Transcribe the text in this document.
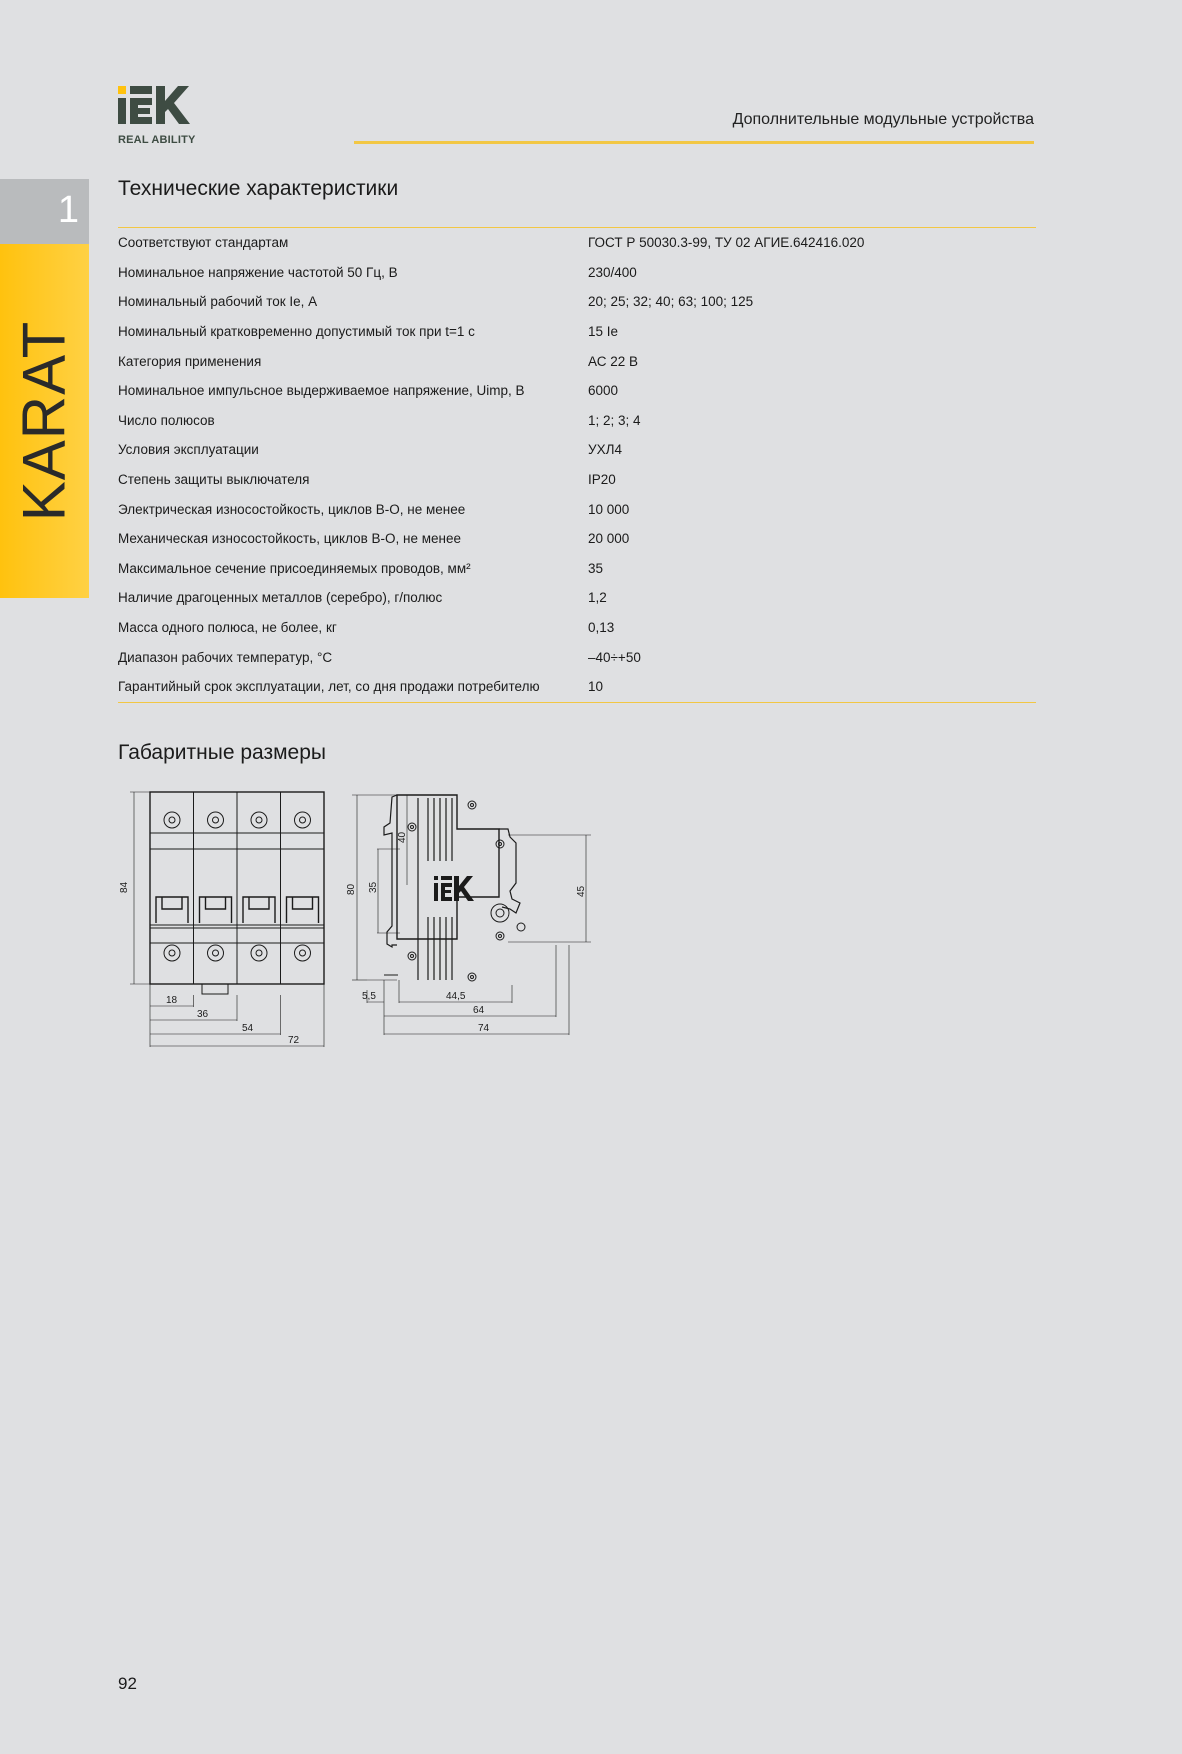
REAL ABILITY
Дополнительные модульные устройства
1
KARAT
Технические характеристики
Соответствуют стандартам	ГОСТ Р 50030.3-99, ТУ 02 АГИЕ.642416.020
Номинальное напряжение частотой 50 Гц, В	230/400
Номинальный рабочий ток Iе, А	20; 25; 32; 40; 63; 100; 125
Номинальный кратковременно допустимый ток при t=1 с	15 Iе
Категория применения	АС 22 В
Номинальное импульсное выдерживаемое напряжение, Uimp, В	6000
Число полюсов	1; 2; 3; 4
Условия эксплуатации	УХЛ4
Степень защиты выключателя	IP20
Электрическая износостойкость, циклов В-О, не менее	10 000
Механическая износостойкость, циклов В-О, не менее	20 000
Максимальное сечение присоединяемых проводов, мм²	35
Наличие драгоценных металлов (серебро), г/полюс	1,2
Масса одного полюса, не более, кг	0,13
Диапазон рабочих температур, °С	–40÷+50
Гарантийный срок эксплуатации, лет, со дня продажи потребителю	10
Габаритные размеры
84
18
36
54
72
80
40
35	45
5,5	44,5
64
74
92
